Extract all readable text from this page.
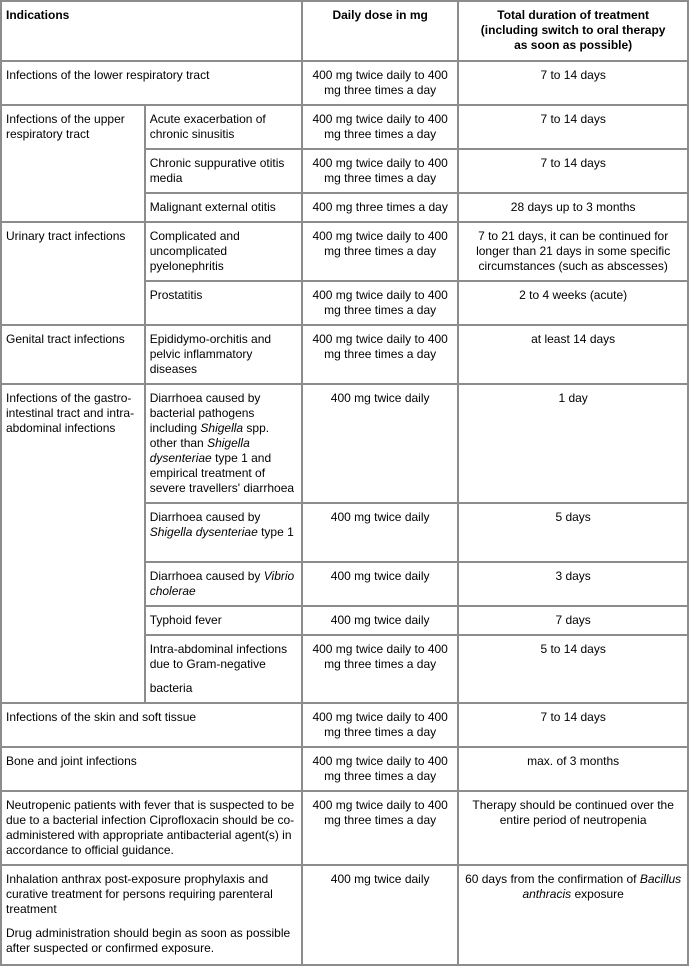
Indications		Daily dose in mg	Total duration of treatment
(including switch to oral therapy
as soon as possible)
Infections of the lower respiratory tract		400 mg twice daily to 400 mg three times a day	7 to 14 days
Infections of the upper respiratory tract	Acute exacerbation of chronic sinusitis	400 mg twice daily to 400 mg three times a day	7 to 14 days
	Chronic suppurative otitis media	400 mg twice daily to 400 mg three times a day	7 to 14 days
	Malignant external otitis	400 mg three times a day	28 days up to 3 months
Urinary tract infections	Complicated and uncomplicated pyelonephritis	400 mg twice daily to 400 mg three times a day	7 to 21 days, it can be continued for longer than 21 days in some specific circumstances (such as abscesses)
	Prostatitis	400 mg twice daily to 400 mg three times a day	2 to 4 weeks (acute)
Genital tract infections	Epididymo-orchitis and pelvic inflammatory diseases	400 mg twice daily to 400 mg three times a day	at least 14 days
Infections of the gastro-intestinal tract and intra-abdominal infections	Diarrhoea caused by bacterial pathogens including Shigella spp. other than Shigella dysenteriae type 1 and empirical treatment of severe travellers' diarrhoea	400 mg twice daily	1 day
	Diarrhoea caused by Shigella dysenteriae type 1	400 mg twice daily	5 days
	Diarrhoea caused by Vibrio cholerae	400 mg twice daily	3 days
	Typhoid fever	400 mg twice daily	7 days
	Intra-abdominal infections due to Gram-negative
bacteria	400 mg twice daily to 400 mg three times a day	5 to 14 days
Infections of the skin and soft tissue		400 mg twice daily to 400 mg three times a day	7 to 14 days
Bone and joint infections		400 mg twice daily to 400 mg three times a day	max. of 3 months
Neutropenic patients with fever that is suspected to be due to a bacterial infection Ciprofloxacin should be co-administered with appropriate antibacterial agent(s) in accordance to official guidance.		400 mg twice daily to 400 mg three times a day	Therapy should be continued over the entire period of neutropenia

Inhalation anthrax post-exposure prophylaxis and curative treatment for persons requiring parenteral treatment

Drug administration should begin as soon as possible after suspected or confirmed exposure.		400 mg twice daily	60 days from the confirmation of Bacillus anthracis exposure
